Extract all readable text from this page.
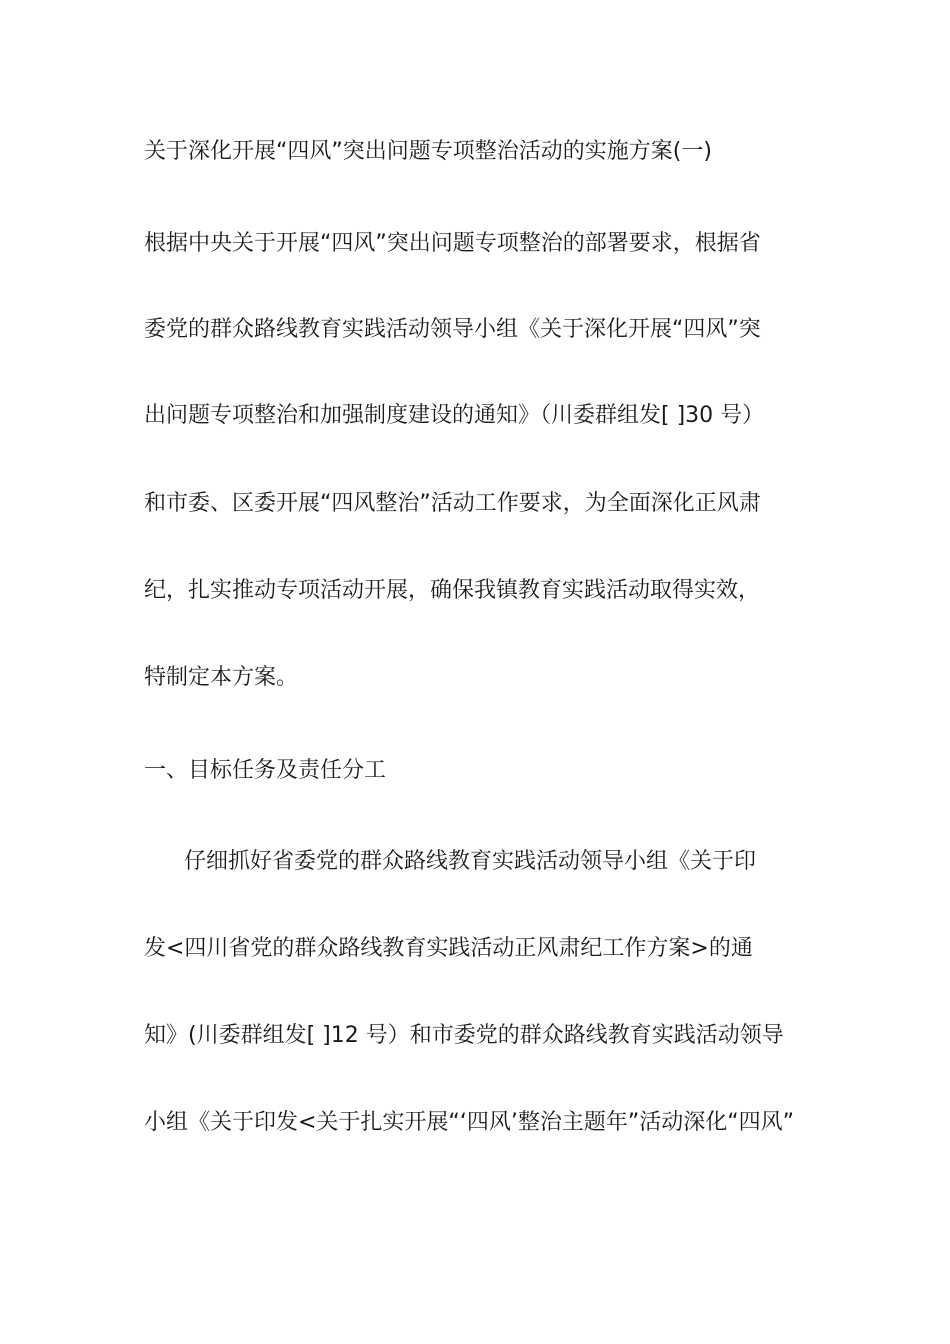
关于深化开展“四风”突出问题专项整治活动的实施方案(一)
根据中央关于开展“四风”突出问题专项整治的部署要求，根据省
委党的群众路线教育实践活动领导小组《关于深化开展“四风”突
出问题专项整治和加强制度建设的通知》（川委群组发[ ]30 号）
和市委、区委开展“四风整治”活动工作要求，为全面深化正风肃
纪，扎实推动专项活动开展，确保我镇教育实践活动取得实效，
特制定本方案。
一、目标任务及责任分工
仔细抓好省委党的群众路线教育实践活动领导小组《关于印
发<四川省党的群众路线教育实践活动正风肃纪工作方案>的通
知》(川委群组发[ ]12 号）和市委党的群众路线教育实践活动领导
小组《关于印发<关于扎实开展“‘四风’整治主题年”活动深化“四风”
